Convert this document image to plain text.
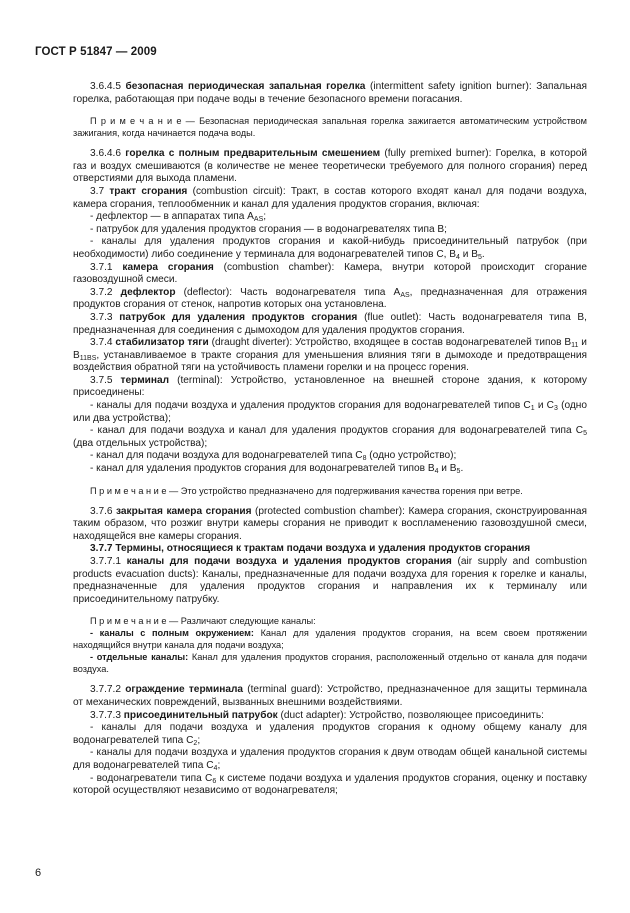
ГОСТ Р 51847 — 2009

3.6.4.5 безопасная периодическая запальная горелка (intermittent safety ignition burner): Запальная горелка, работающая при подаче воды в течение безопасного времени погасания.

П р и м е ч а н и е — Безопасная периодическая запальная горелка зажигается автоматическим устройством зажигания, когда начинается подача воды.

3.6.4.6 горелка с полным предварительным смешением (fully premixed burner): Горелка, в которой газ и воздух смешиваются (в количестве не менее теоретически требуемого для полного сгорания) перед отверстиями для выхода пламени.

3.7 тракт сгорания (combustion circuit): Тракт, в состав которого входят канал для подачи воздуха, камера сгорания, теплообменник и канал для удаления продуктов сгорания, включая:

- дефлектор — в аппаратах типа $A_{AS}$;

- патрубок для удаления продуктов сгорания — в водонагревателях типа B;

- каналы для удаления продуктов сгорания и какой-нибудь присоединительный патрубок (при необходимости) либо соединение у терминала для водонагревателей типов C, $B_4$ и $B_5$.

3.7.1 камера сгорания (combustion chamber): Камера, внутри которой происходит сгорание газовоздушной смеси.

3.7.2 дефлектор (deflector): Часть водонагревателя типа $A_{AS}$, предназначенная для отражения продуктов сгорания от стенок, напротив которых она установлена.

3.7.3 патрубок для удаления продуктов сгорания (flue outlet): Часть водонагревателя типа B, предназначенная для соединения с дымоходом для удаления продуктов сгорания.

3.7.4 стабилизатор тяги (draught diverter): Устройство, входящее в состав водонагревателей типов $B_{11}$ и $B_{11BS}$, устанавливаемое в тракте сгорания для уменьшения влияния тяги в дымоходе и предотвращения воздействия обратной тяги на устойчивость пламени горелки и на процесс горения.

3.7.5 терминал (terminal): Устройство, установленное на внешней стороне здания, к которому присоединены:

- каналы для подачи воздуха и удаления продуктов сгорания для водонагревателей типов $C_1$ и $C_3$ (одно или два устройства);

- канал для подачи воздуха и канал для удаления продуктов сгорания для водонагревателей типа $C_5$ (два отдельных устройства);

- канал для подачи воздуха для водонагревателей типа $C_8$ (одно устройство);

- канал для удаления продуктов сгорания для водонагревателей типов $B_4$ и $B_5$.

П р и м е ч а н и е — Это устройство предназначено для подгерживания качества горения при ветре.

3.7.6 закрытая камера сгорания (protected combustion chamber): Камера сгорания, сконструированная таким образом, что розжиг внутри камеры сгорания не приводит к воспламенению газовоздушной смеси, находящейся вне камеры сгорания.

3.7.7 Термины, относящиеся к трактам подачи воздуха и удаления продуктов сгорания

3.7.7.1 каналы для подачи воздуха и удаления продуктов сгорания (air supply and combustion products evacuation ducts): Каналы, предназначенные для подачи воздуха для горения к горелке и каналы, предназначенные для удаления продуктов сгорания и направления их к терминалу или присоединительному патрубку.

П р и м е ч а н и е — Различают следующие каналы:

- каналы с полным окружением: Канал для удаления продуктов сгорания, на всем своем протяжении находящийся внутри канала для подачи воздуха;

- отдельные каналы: Канал для удаления продуктов сгорания, расположенный отдельно от канала для подачи воздуха.

3.7.7.2 ограждение терминала (terminal guard): Устройство, предназначенное для защиты терминала от механических повреждений, вызванных внешними воздействиями.

3.7.7.3 присоединительный патрубок (duct adapter): Устройство, позволяющее присоединить:

- каналы для подачи воздуха и удаления продуктов сгорания к одному общему каналу для водонагревателей типа $C_2$;

- каналы для подачи воздуха и удаления продуктов сгорания к двум отводам общей канальной системы для водонагревателей типа $C_4$;

- водонагреватели типа $C_6$ к системе подачи воздуха и удаления продуктов сгорания, оценку и поставку которой осуществляют независимо от водонагревателя;

6
